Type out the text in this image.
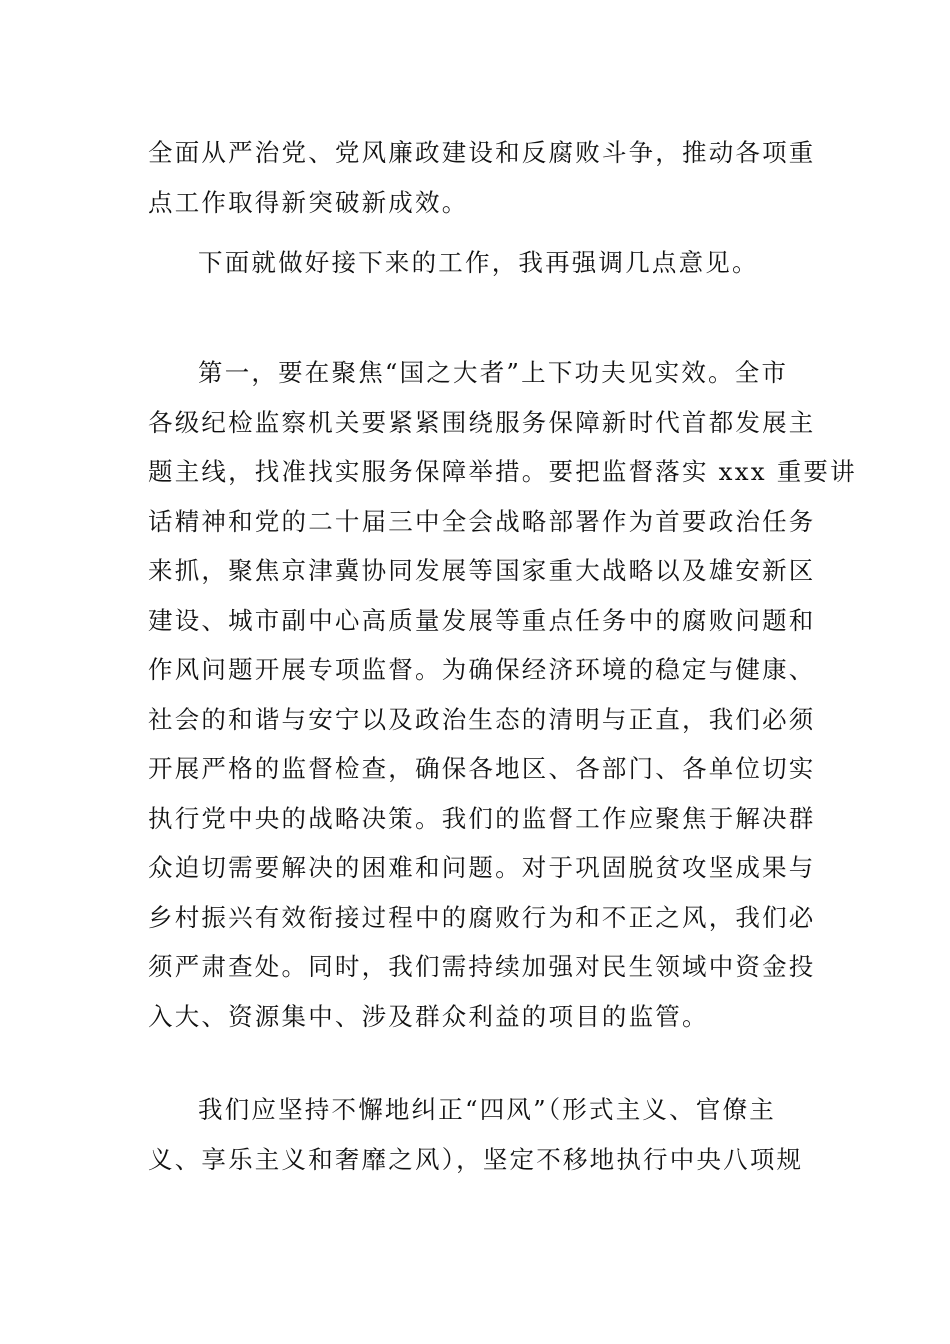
全面从严治党、党风廉政建设和反腐败斗争，推动各项重
点工作取得新突破新成效。
下面就做好接下来的工作，我再强调几点意见。
第一，要在聚焦“国之大者”上下功夫见实效。全市
各级纪检监察机关要紧紧围绕服务保障新时代首都发展主
题主线，找准找实服务保障举措。要把监督落实 xxx 重要讲
话精神和党的二十届三中全会战略部署作为首要政治任务
来抓，聚焦京津冀协同发展等国家重大战略以及雄安新区
建设、城市副中心高质量发展等重点任务中的腐败问题和
作风问题开展专项监督。为确保经济环境的稳定与健康、
社会的和谐与安宁以及政治生态的清明与正直，我们必须
开展严格的监督检查，确保各地区、各部门、各单位切实
执行党中央的战略决策。我们的监督工作应聚焦于解决群
众迫切需要解决的困难和问题。对于巩固脱贫攻坚成果与
乡村振兴有效衔接过程中的腐败行为和不正之风，我们必
须严肃查处。同时，我们需持续加强对民生领域中资金投
入大、资源集中、涉及群众利益的项目的监管。
我们应坚持不懈地纠正“四风”（形式主义、官僚主
义、享乐主义和奢靡之风），坚定不移地执行中央八项规
